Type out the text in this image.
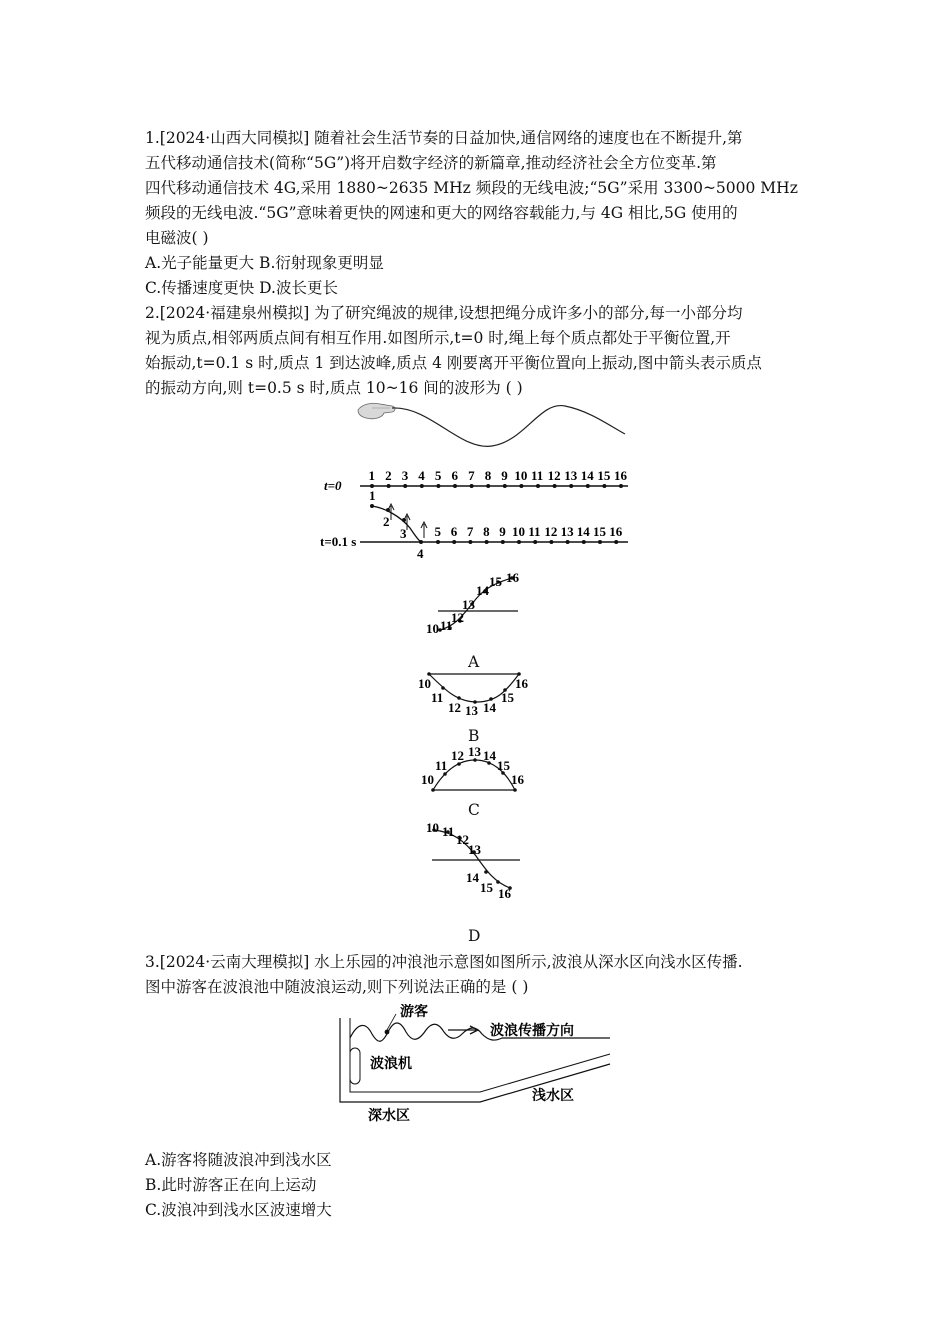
1.[2024·山西大同模拟] 随着社会生活节奏的日益加快,通信网络的速度也在不断提升,第
五代移动通信技术(简称“5G”)将开启数字经济的新篇章,推动经济社会全方位变革.第
四代移动通信技术 4G,采用 1880~2635 MHz 频段的无线电波;“5G”采用 3300~5000 MHz
频段的无线电波.“5G”意味着更快的网速和更大的网络容载能力,与 4G 相比,5G 使用的
电磁波( )
A.光子能量更大 B.衍射现象更明显
C.传播速度更快 D.波长更长
2.[2024·福建泉州模拟] 为了研究绳波的规律,设想把绳分成许多小的部分,每一小部分均
视为质点,相邻两质点间有相互作用.如图所示,t=0 时,绳上每个质点都处于平衡位置,开
始振动,t=0.1 s 时,质点 1 到达波峰,质点 4 刚要离开平衡位置向上振动,图中箭头表示质点
的振动方向,则 t=0.5 s 时,质点 10~16 间的波形为 ( )
t=0
1 2 3 4 5 6 7 8 9 10 11 12 13 14 15 16
t=0.1 s
1
2
3
4
5 6 7 8 9 10 11 12 13 14 15 16
10 11
12
13
14
15 16
A
10
11
12 13 14
15
16
B
10
11
12 13 14
15
16
C
10 11
12
13
14
15 16
D
3.[2024·云南大理模拟] 水上乐园的冲浪池示意图如图所示,波浪从深水区向浅水区传播.
图中游客在波浪池中随波浪运动,则下列说法正确的是 ( )
游客
波浪传播方向
波浪机
深水区
浅水区
A.游客将随波浪冲到浅水区
B.此时游客正在向上运动
C.波浪冲到浅水区波速增大
